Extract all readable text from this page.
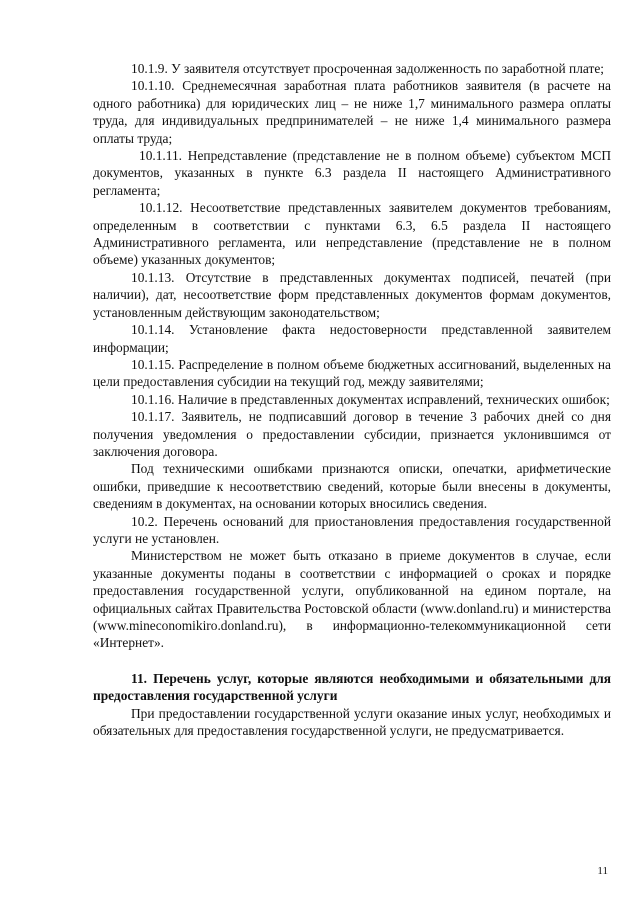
10.1.9. У заявителя отсутствует просроченная задолженность по заработной плате;

10.1.10. Среднемесячная заработная плата работников заявителя (в расчете на одного работника) для юридических лиц – не ниже 1,7 минимального размера оплаты труда, для индивидуальных предпринимателей – не ниже 1,4 минимального размера оплаты труда;

10.1.11. Непредставление (представление не в полном объеме) субъектом МСП документов, указанных в пункте 6.3 раздела II настоящего Административного регламента;

10.1.12. Несоответствие представленных заявителем документов требованиям, определенным в соответствии с пунктами 6.3, 6.5 раздела II настоящего Административного регламента, или непредставление (представление не в полном объеме) указанных документов;

10.1.13. Отсутствие в представленных документах подписей, печатей (при наличии), дат, несоответствие форм представленных документов формам документов, установленным действующим законодательством;

10.1.14. Установление факта недостоверности представленной заявителем информации;

10.1.15. Распределение в полном объеме бюджетных ассигнований, выделенных на цели предоставления субсидии на текущий год, между заявителями;

10.1.16. Наличие в представленных документах исправлений, технических ошибок;

10.1.17. Заявитель, не подписавший договор в течение 3 рабочих дней со дня получения уведомления о предоставлении субсидии, признается уклонившимся от заключения договора.

Под техническими ошибками признаются описки, опечатки, арифметические ошибки, приведшие к несоответствию сведений, которые были внесены в документы, сведениям в документах, на основании которых вносились сведения.

10.2. Перечень оснований для приостановления предоставления государственной услуги не установлен.

Министерством не может быть отказано в приеме документов в случае, если указанные документы поданы в соответствии с информацией о сроках и порядке предоставления государственной услуги, опубликованной на едином портале, на официальных сайтах Правительства Ростовской области (www.donland.ru) и министерства (www.mineconomikiro.donland.ru), в информационно-телекоммуникационной сети «Интернет».

11. Перечень услуг, которые являются необходимыми и обязательными для предоставления государственной услуги

При предоставлении государственной услуги оказание иных услуг, необходимых и обязательных для предоставления государственной услуги, не предусматривается.

11
